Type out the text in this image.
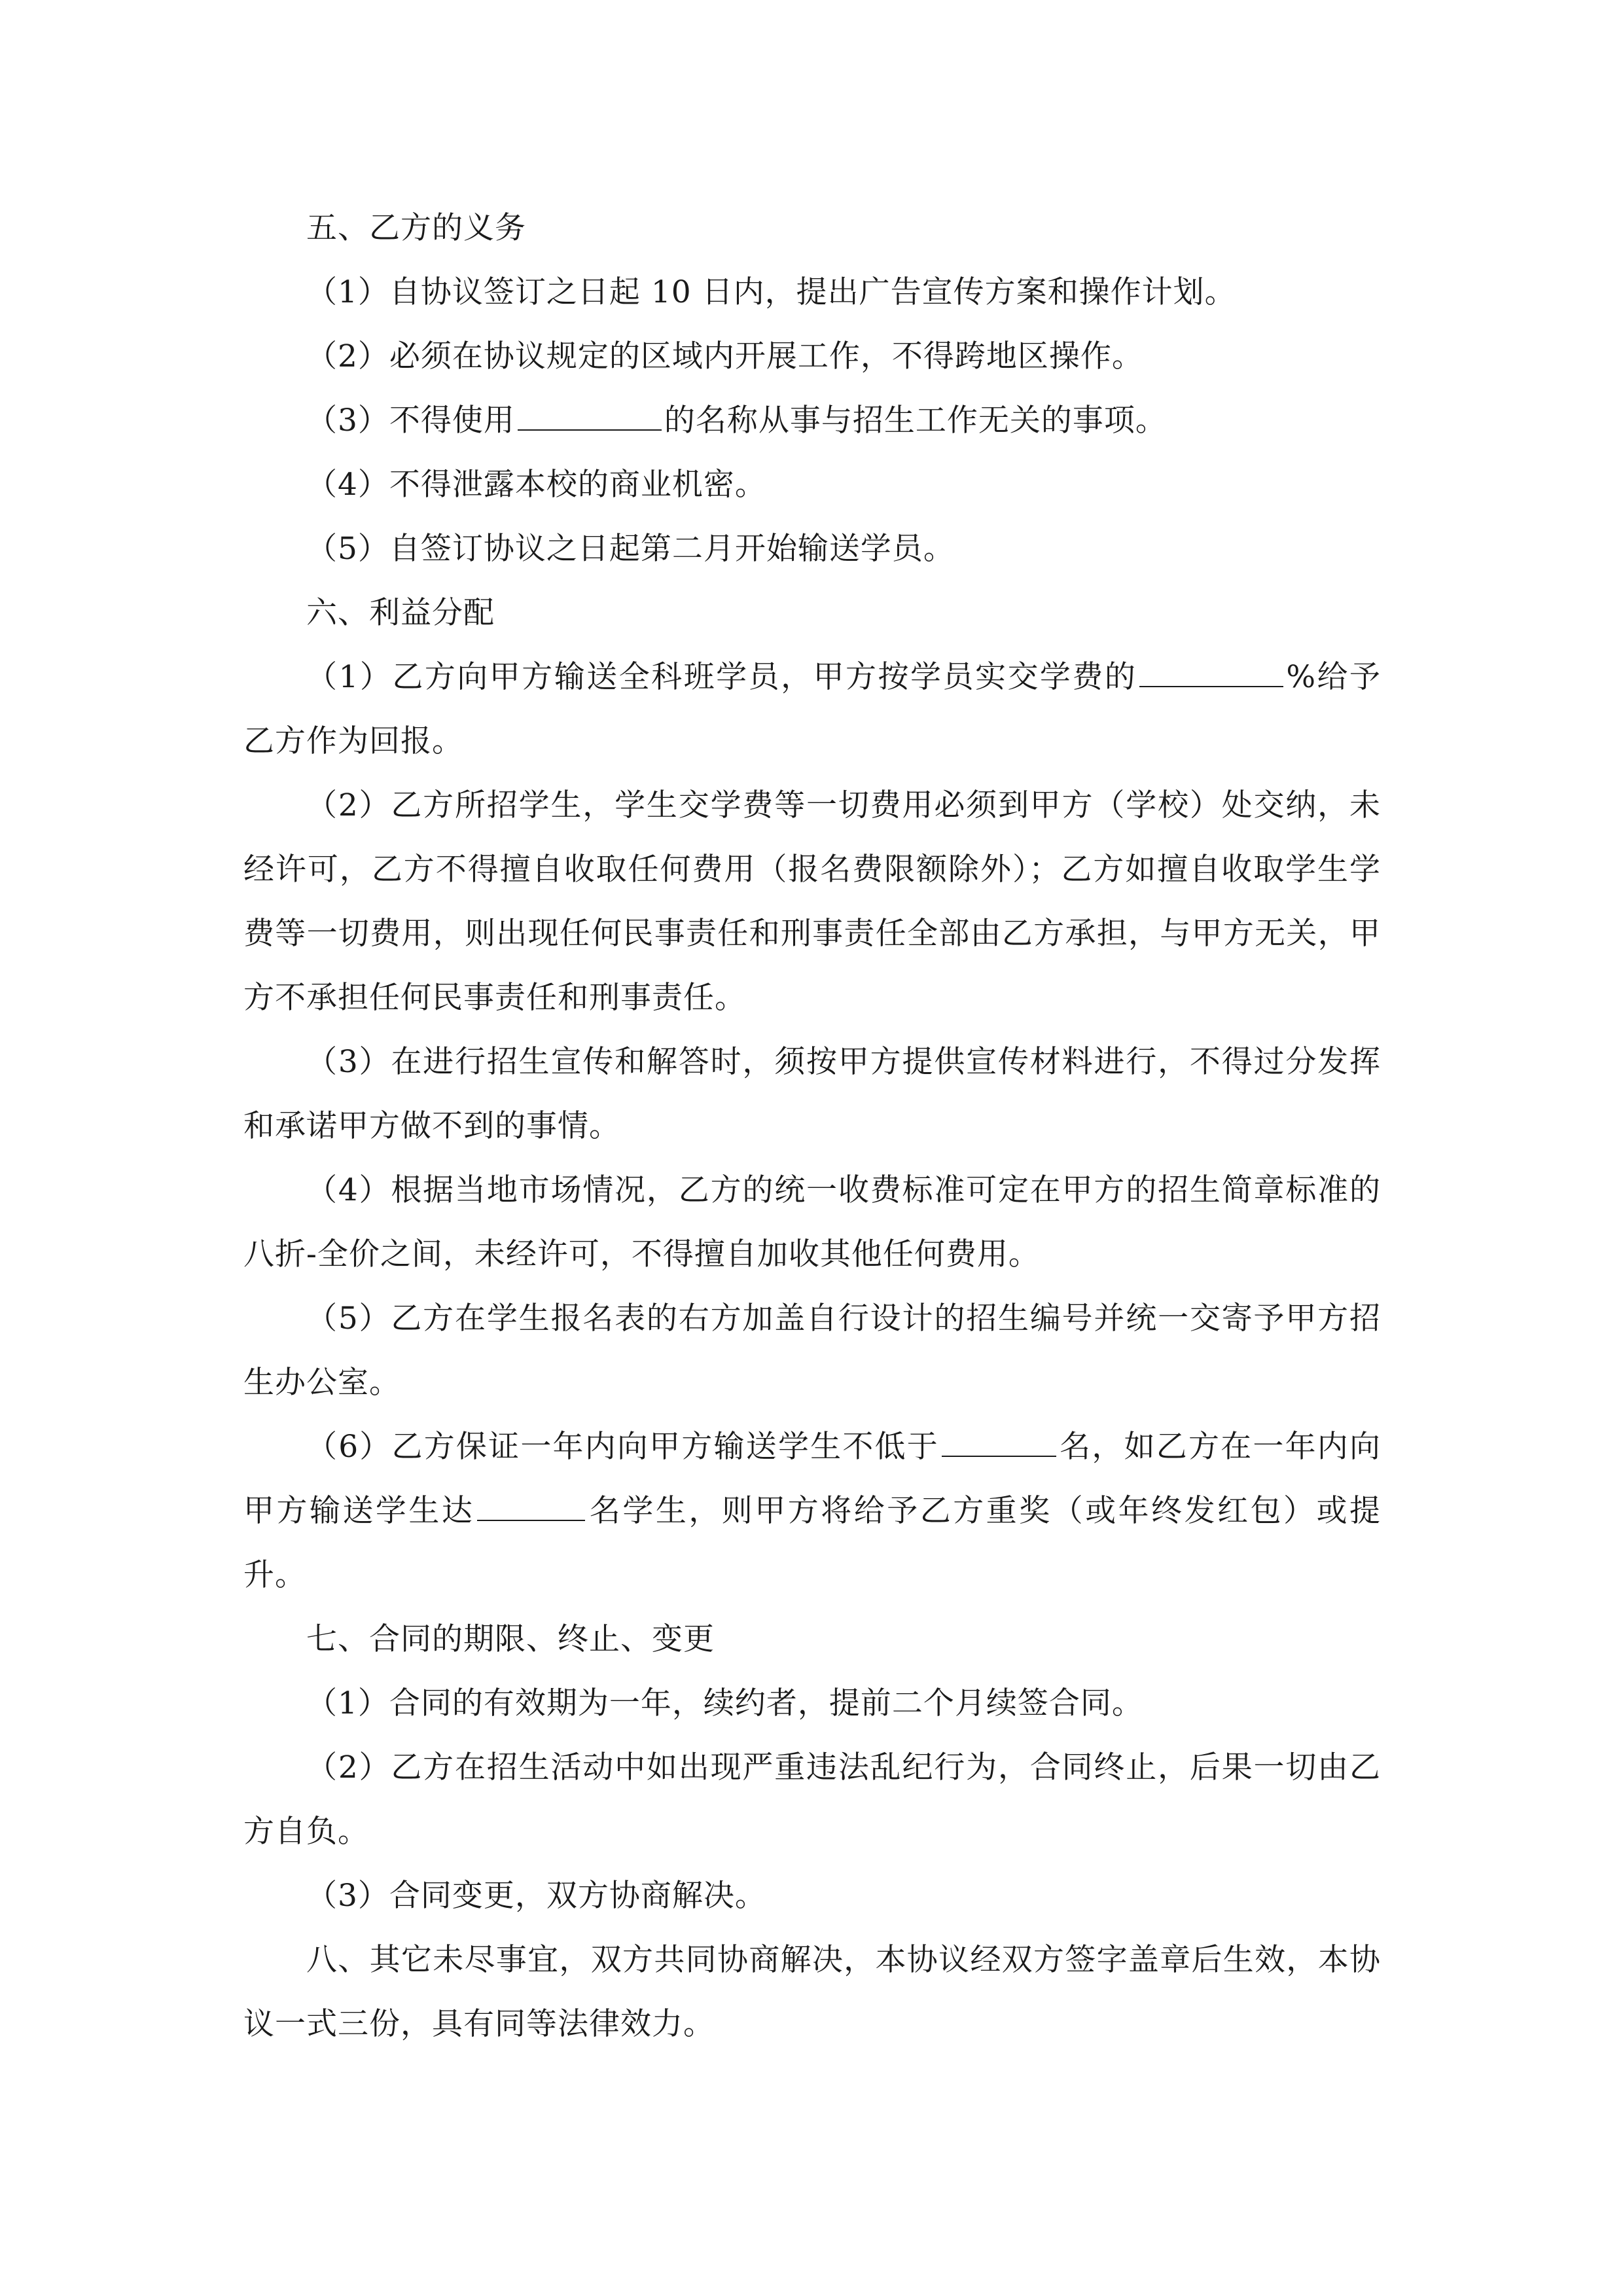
五、乙方的义务

（1）自协议签订之日起 10 日内，提出广告宣传方案和操作计划。

（2）必须在协议规定的区域内开展工作，不得跨地区操作。

（3）不得使用	的名称从事与招生工作无关的事项。

（4）不得泄露本校的商业机密。

（5）自签订协议之日起第二月开始输送学员。

六、利益分配

（1）乙方向甲方输送全科班学员，甲方按学员实交学费的	%给予乙方作为回报。

（2）乙方所招学生，学生交学费等一切费用必须到甲方（学校）处交纳，未经许可，乙方不得擅自收取任何费用（报名费限额除外）；乙方如擅自收取学生学费等一切费用，则出现任何民事责任和刑事责任全部由乙方承担，与甲方无关，甲方不承担任何民事责任和刑事责任。

（3）在进行招生宣传和解答时，须按甲方提供宣传材料进行，不得过分发挥和承诺甲方做不到的事情。

（4）根据当地市场情况，乙方的统一收费标准可定在甲方的招生简章标准的八折-全价之间，未经许可，不得擅自加收其他任何费用。

（5）乙方在学生报名表的右方加盖自行设计的招生编号并统一交寄予甲方招生办公室。

（6）乙方保证一年内向甲方输送学生不低于	名，如乙方在一年内向甲方输送学生达	名学生，则甲方将给予乙方重奖（或年终发红包）或提升。

七、合同的期限、终止、变更

（1）合同的有效期为一年，续约者，提前二个月续签合同。

（2）乙方在招生活动中如出现严重违法乱纪行为，合同终止，后果一切由乙方自负。

（3）合同变更，双方协商解决。

八、其它未尽事宜，双方共同协商解决，本协议经双方签字盖章后生效，本协议一式三份，具有同等法律效力。
